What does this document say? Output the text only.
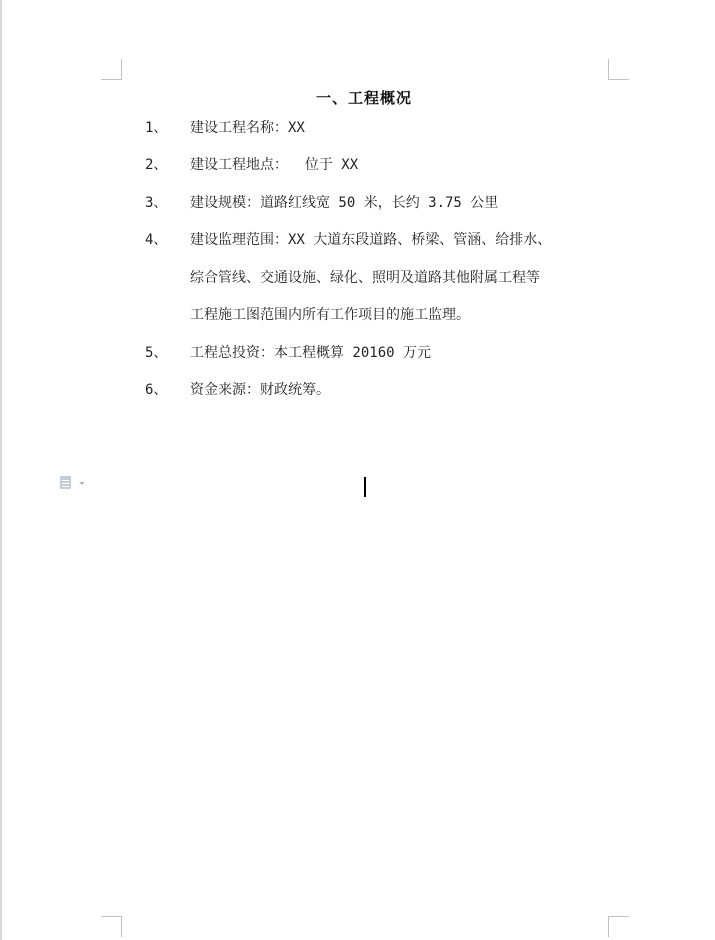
一、工程概况
1、 建设工程名称：XX
2、 建设工程地点：  位于 XX
3、 建设规模：道路红线宽 50 米，长约 3.75 公里
4、 建设监理范围：XX 大道东段道路、桥梁、管涵、给排水、
综合管线、交通设施、绿化、照明及道路其他附属工程等
工程施工图范围内所有工作项目的施工监理。
5、 工程总投资：本工程概算 20160 万元
6、 资金来源：财政统筹。
